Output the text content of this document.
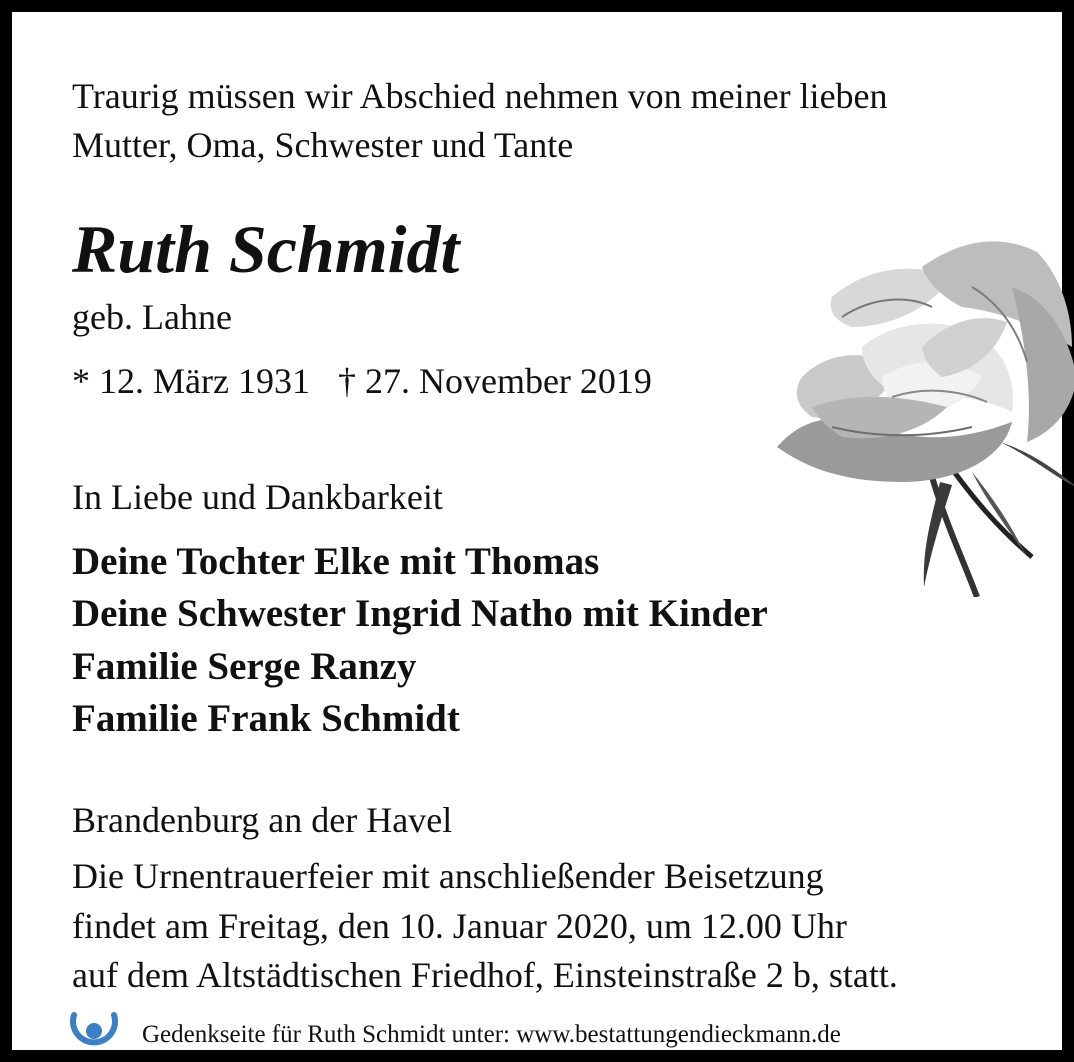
Traurig müssen wir Abschied nehmen von meiner lieben

Mutter, Oma, Schwester und Tante

Ruth Schmidt

geb. Lahne

* 12. März 1931 † 27. November 2019

In Liebe und Dankbarkeit

Deine Tochter Elke mit Thomas

Deine Schwester Ingrid Natho mit Kinder

Familie Serge Ranzy

Familie Frank Schmidt

Brandenburg an der Havel

Die Urnentrauerfeier mit anschließender Beisetzung

findet am Freitag, den 10. Januar 2020, um 12.00 Uhr

auf dem Altstädtischen Friedhof, Einsteinstraße 2 b, statt.

Gedenkseite für Ruth Schmidt unter: www.bestattungendieckmann.de
